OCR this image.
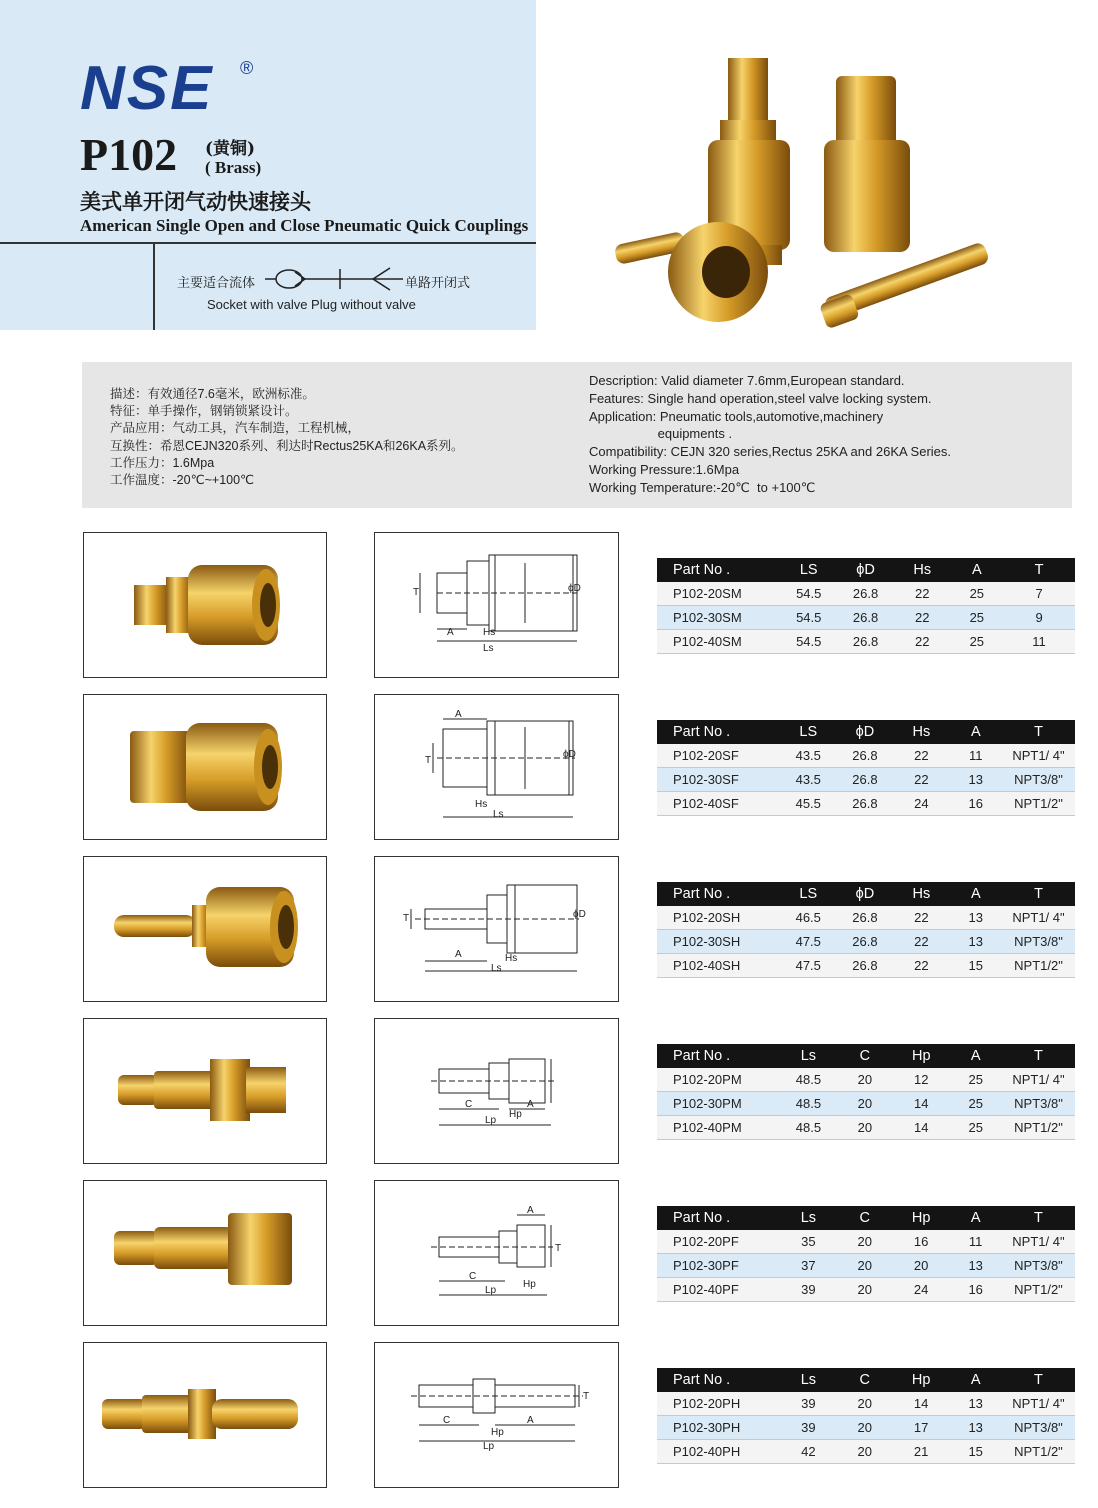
NSE ®
P102 (黄铜)
( Brass)
美式单开闭气动快速接头
American Single Open and Close Pneumatic Quick Couplings
主要适合流体	单路开闭式
Socket with valve Plug without valve
描述：有效通径7.6毫米，欧洲标准。
特征：单手操作，钢销锁紧设计。
产品应用：气动工具，汽车制造，工程机械，
互换性：希恩CEJN320系列、利达时Rectus25KA和26KA系列。
工作压力：1.6Mpa
工作温度：-20℃~+100℃
Description: Valid diameter 7.6mm,European standard.
Features: Single hand operation,steel valve locking system.
Application: Pneumatic tools,automotive,machinery
equipments .
Compatibility: CEJN 320 series,Rectus 25KA and 26KA Series.
Working Pressure:1.6Mpa
Working Temperature:-20℃  to +100℃
T	ϕD
A	Hs
Ls
Part No .	LS	ϕD	Hs	A	T
P102-20SM	54.5	26.8	22	25	7
P102-30SM	54.5	26.8	22	25	9
P102-40SM	54.5	26.8	22	25	11
A
T
ϕD
Hs
Ls
Part No .	LS	ϕD	Hs	A	T
P102-20SF	43.5	26.8	22	11	NPT1/ 4"
P102-30SF	43.5	26.8	22	13	NPT3/8"
P102-40SF	45.5	26.8	24	16	NPT1/2"
T
A	Hs
Ls
ϕD
Part No .	LS	ϕD	Hs	A	T
P102-20SH	46.5	26.8	22	13	NPT1/ 4"
P102-30SH	47.5	26.8	22	13	NPT3/8"
P102-40SH	47.5	26.8	22	15	NPT1/2"
C	A
Hp
Lp
Part No .	Ls	C	Hp	A	T
P102-20PM	48.5	20	12	25	NPT1/ 4"
P102-30PM	48.5	20	14	25	NPT3/8"
P102-40PM	48.5	20	14	25	NPT1/2"
A
C
Hp
Lp
T
Part No .	Ls	C	Hp	A	T
P102-20PF	35	20	16	11	NPT1/ 4"
P102-30PF	37	20	20	13	NPT3/8"
P102-40PF	39	20	24	16	NPT1/2"
C	A
Hp
Lp
T
Part No .	Ls	C	Hp	A	T
P102-20PH	39	20	14	13	NPT1/ 4"
P102-30PH	39	20	17	13	NPT3/8"
P102-40PH	42	20	21	15	NPT1/2"
